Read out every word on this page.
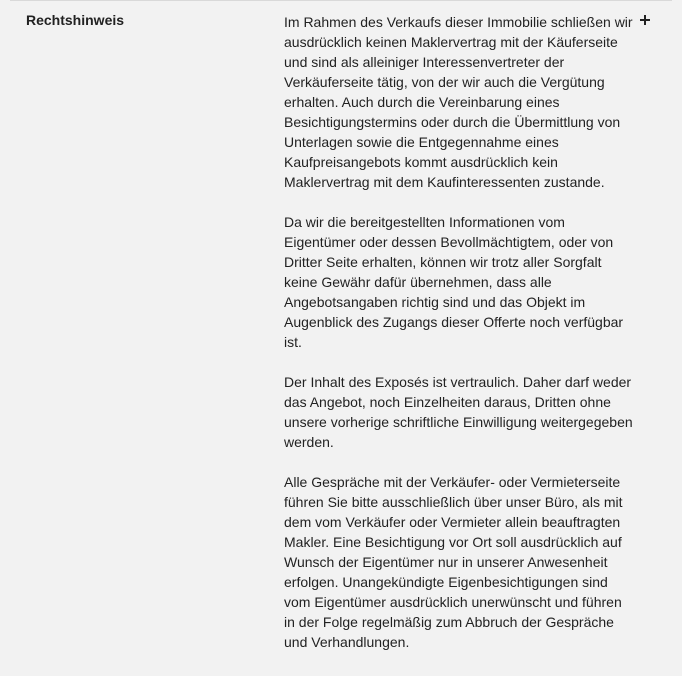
Rechtshinweis	Im Rahmen des Verkaufs dieser Immobilie schließen wir ausdrücklich keinen Maklervertrag mit der Käuferseite und sind als alleiniger Interessenvertreter der Verkäuferseite tätig, von der wir auch die Vergütung erhalten. Auch durch die Vereinbarung eines Besichtigungstermins oder durch die Übermittlung von Unterlagen sowie die Entgegennahme eines Kaufpreisangebots kommt ausdrücklich kein Maklervertrag mit dem Kaufinteressenten zustande.

Da wir die bereitgestellten Informationen vom Eigentümer oder dessen Bevollmächtigtem, oder von Dritter Seite erhalten, können wir trotz aller Sorgfalt keine Gewähr dafür übernehmen, dass alle Angebotsangaben richtig sind und das Objekt im Augenblick des Zugangs dieser Offerte noch verfügbar ist.

Der Inhalt des Exposés ist vertraulich. Daher darf weder das Angebot, noch Einzelheiten daraus, Dritten ohne unsere vorherige schriftliche Einwilligung weitergegeben werden.

Alle Gespräche mit der Verkäufer- oder Vermieterseite führen Sie bitte ausschließlich über unser Büro, als mit dem vom Verkäufer oder Vermieter allein beauftragten Makler. Eine Besichtigung vor Ort soll ausdrücklich auf Wunsch der Eigentümer nur in unserer Anwesenheit erfolgen. Unangekündigte Eigenbesichtigungen sind vom Eigentümer ausdrücklich unerwünscht und führen in der Folge regelmäßig zum Abbruch der Gespräche und Verhandlungen.
